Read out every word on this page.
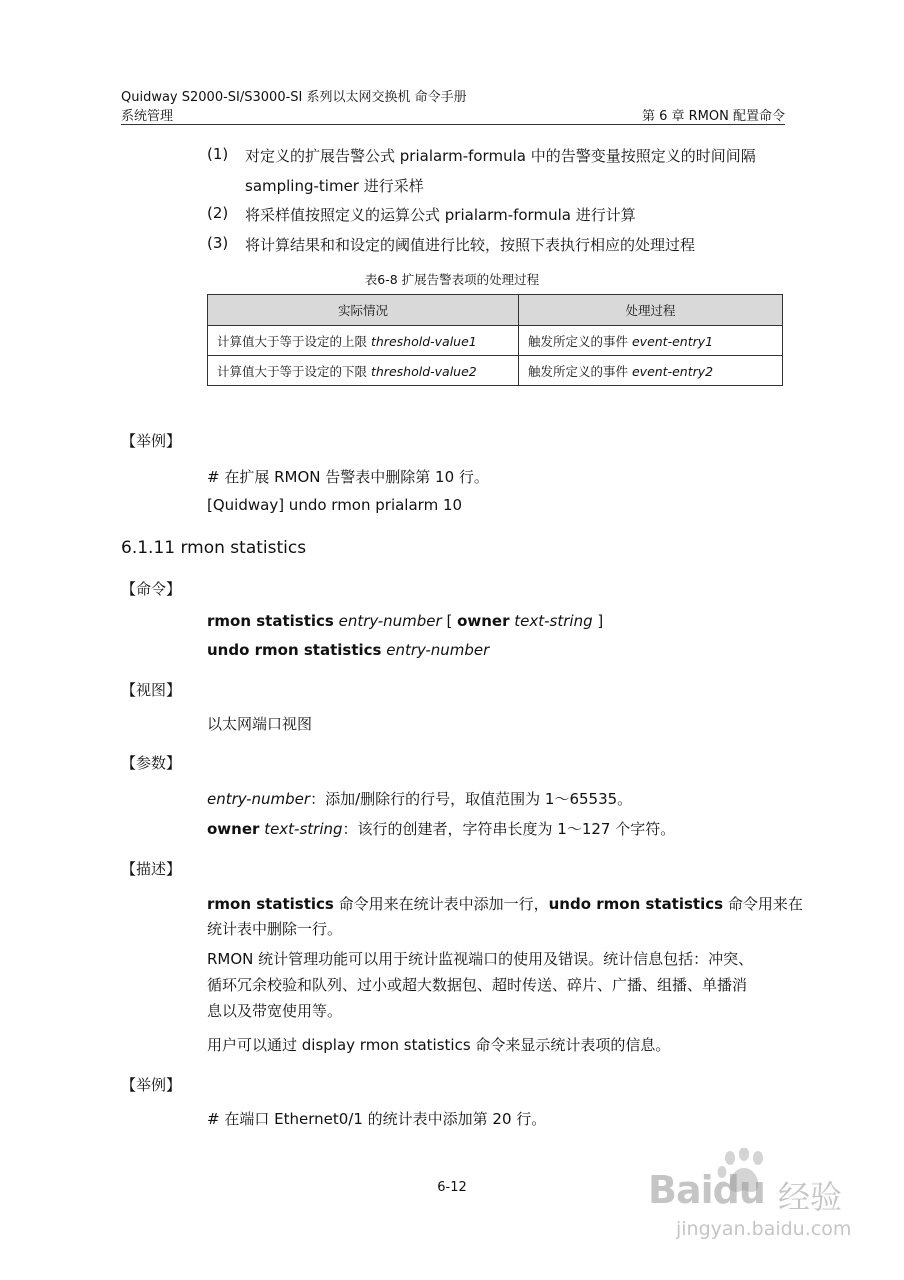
Quidway S2000-SI/S3000-SI 系列以太网交换机 命令手册
系统管理	第 6 章 RMON 配置命令
(1) 对定义的扩展告警公式 prialarm-formula 中的告警变量按照定义的时间间隔
sampling-timer 进行采样
(2) 将采样值按照定义的运算公式 prialarm-formula 进行计算
(3) 将计算结果和和设定的阈值进行比较，按照下表执行相应的处理过程
表6-8 扩展告警表项的处理过程
实际情况	处理过程
计算值大于等于设定的上限 threshold-value1	触发所定义的事件 event-entry1
计算值大于等于设定的下限 threshold-value2	触发所定义的事件 event-entry2
【举例】
# 在扩展 RMON 告警表中删除第 10 行。
[Quidway] undo rmon prialarm 10
6.1.11 rmon statistics
【命令】
rmon statistics entry-number [ owner text-string ]
undo rmon statistics entry-number
【视图】
以太网端口视图
【参数】
entry-number：添加/删除行的行号，取值范围为 1～65535。
owner text-string：该行的创建者，字符串长度为 1～127 个字符。
【描述】
rmon statistics 命令用来在统计表中添加一行，undo rmon statistics 命令用来在
统计表中删除一行。
RMON 统计管理功能可以用于统计监视端口的使用及错误。统计信息包括：冲突、
循环冗余校验和队列、过小或超大数据包、超时传送、碎片、广播、组播、单播消
息以及带宽使用等。
用户可以通过 display rmon statistics 命令来显示统计表项的信息。
【举例】
# 在端口 Ethernet0/1 的统计表中添加第 20 行。
6-12	Baidu 经验
jingyan.baidu.com
